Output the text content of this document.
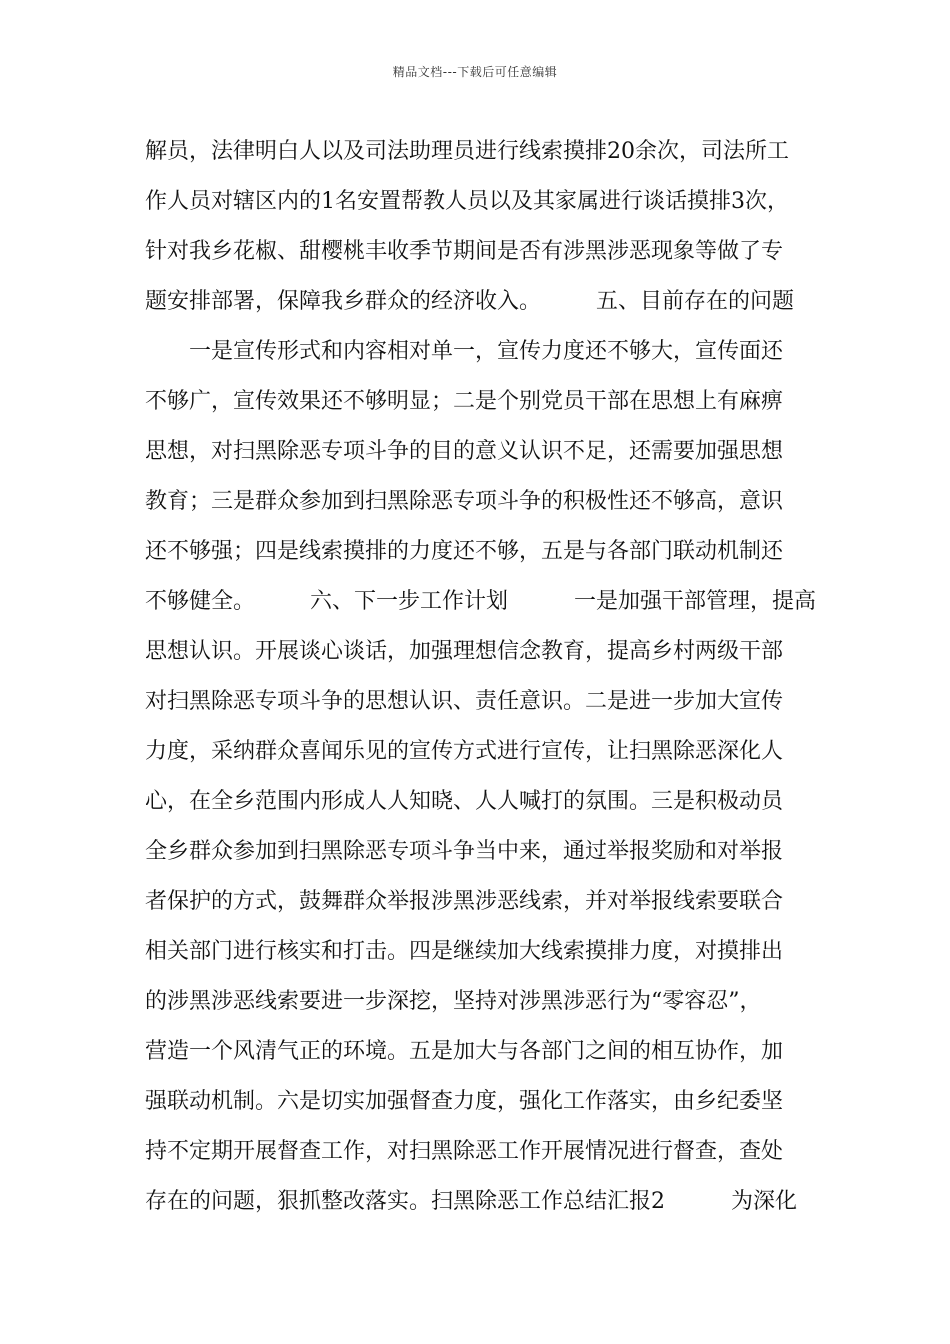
精品文档---下载后可任意编辑
解员，法律明白人以及司法助理员进行线索摸排20余次，司法所工
作人员对辖区内的1名安置帮教人员以及其家属进行谈话摸排3次，
针对我乡花椒、甜樱桃丰收季节期间是否有涉黑涉恶现象等做了专
题安排部署，保障我乡群众的经济收入。　　　五、目前存在的问题
　　一是宣传形式和内容相对单一，宣传力度还不够大，宣传面还
不够广，宣传效果还不够明显；二是个别党员干部在思想上有麻痹
思想，对扫黑除恶专项斗争的目的意义认识不足，还需要加强思想
教育；三是群众参加到扫黑除恶专项斗争的积极性还不够高，意识
还不够强；四是线索摸排的力度还不够，五是与各部门联动机制还
不够健全。　　　六、下一步工作计划　　　一是加强干部管理，提高
思想认识。开展谈心谈话，加强理想信念教育，提高乡村两级干部
对扫黑除恶专项斗争的思想认识、责任意识。二是进一步加大宣传
力度，采纳群众喜闻乐见的宣传方式进行宣传，让扫黑除恶深化人
心，在全乡范围内形成人人知晓、人人喊打的氛围。三是积极动员
全乡群众参加到扫黑除恶专项斗争当中来，通过举报奖励和对举报
者保护的方式，鼓舞群众举报涉黑涉恶线索，并对举报线索要联合
相关部门进行核实和打击。四是继续加大线索摸排力度，对摸排出
的涉黑涉恶线索要进一步深挖，坚持对涉黑涉恶行为“零容忍”，
营造一个风清气正的环境。五是加大与各部门之间的相互协作，加
强联动机制。六是切实加强督查力度，强化工作落实，由乡纪委坚
持不定期开展督查工作，对扫黑除恶工作开展情况进行督查，查处
存在的问题，狠抓整改落实。扫黑除恶工作总结汇报2　　　为深化
